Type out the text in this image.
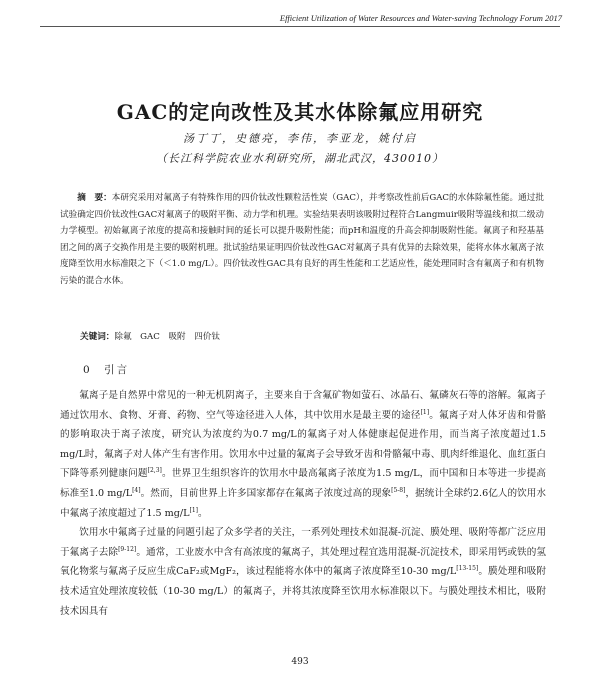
Efficient Utilization of Water Resources and Water-saving Technology Forum 2017
GAC的定向改性及其水体除氟应用研究
汤丁丁，史德亮，李伟，李亚龙，姚付启
（长江科学院农业水利研究所，湖北武汉，430010）
摘　要：本研究采用对氟离子有特殊作用的四价钛改性颗粒活性炭（GAC），并考察改性前后GAC的水体除氟性能。通过批试验确定四价钛改性GAC对氟离子的吸附平衡、动力学和机理。实验结果表明该吸附过程符合Langmuir吸附等温线和拟二级动力学模型。初始氟离子浓度的提高和接触时间的延长可以提升吸附性能；而pH和温度的升高会抑制吸附性能。氟离子和羟基基团之间的离子交换作用是主要的吸附机理。批试验结果证明四价钛改性GAC对氟离子具有优异的去除效果，能将水体水氟离子浓度降至饮用水标准限之下（＜1.0 mg/L）。四价钛改性GAC具有良好的再生性能和工艺适应性，能处理同时含有氟离子和有机物污染的混合水体。
关键词：除氟　GAC　吸附　四价钛
0　引言

氟离子是自然界中常见的一种无机阴离子，主要来自于含氟矿物如萤石、冰晶石、氟磷灰石等的溶解。氟离子通过饮用水、食物、牙膏、药物、空气等途径进入人体，其中饮用水是最主要的途径[1]。氟离子对人体牙齿和骨骼的影响取决于离子浓度，研究认为浓度约为0.7 mg/L的氟离子对人体健康起促进作用，而当离子浓度超过1.5 mg/L时，氟离子对人体产生有害作用。饮用水中过量的氟离子会导致牙齿和骨骼氟中毒、肌肉纤维退化、血红蛋白下降等系列健康问题[2,3]。世界卫生组织容许的饮用水中最高氟离子浓度为1.5 mg/L，而中国和日本等进一步提高标准至1.0 mg/L[4]。然而，目前世界上许多国家都存在氟离子浓度过高的现象[5-8]，据统计全球约2.6亿人的饮用水中氟离子浓度超过了1.5 mg/L[1]。

饮用水中氟离子过量的问题引起了众多学者的关注，一系列处理技术如混凝-沉淀、膜处理、吸附等都广泛应用于氟离子去除[9-12]。通常，工业废水中含有高浓度的氟离子，其处理过程宜选用混凝-沉淀技术，即采用钙或铁的氢氧化物浆与氟离子反应生成CaF₂或MgF₂，该过程能将水体中的氟离子浓度降至10-30 mg/L[13-15]。膜处理和吸附技术适宜处理浓度较低（10-30 mg/L）的氟离子，并将其浓度降至饮用水标准限以下。与膜处理技术相比，吸附技术因具有

493
